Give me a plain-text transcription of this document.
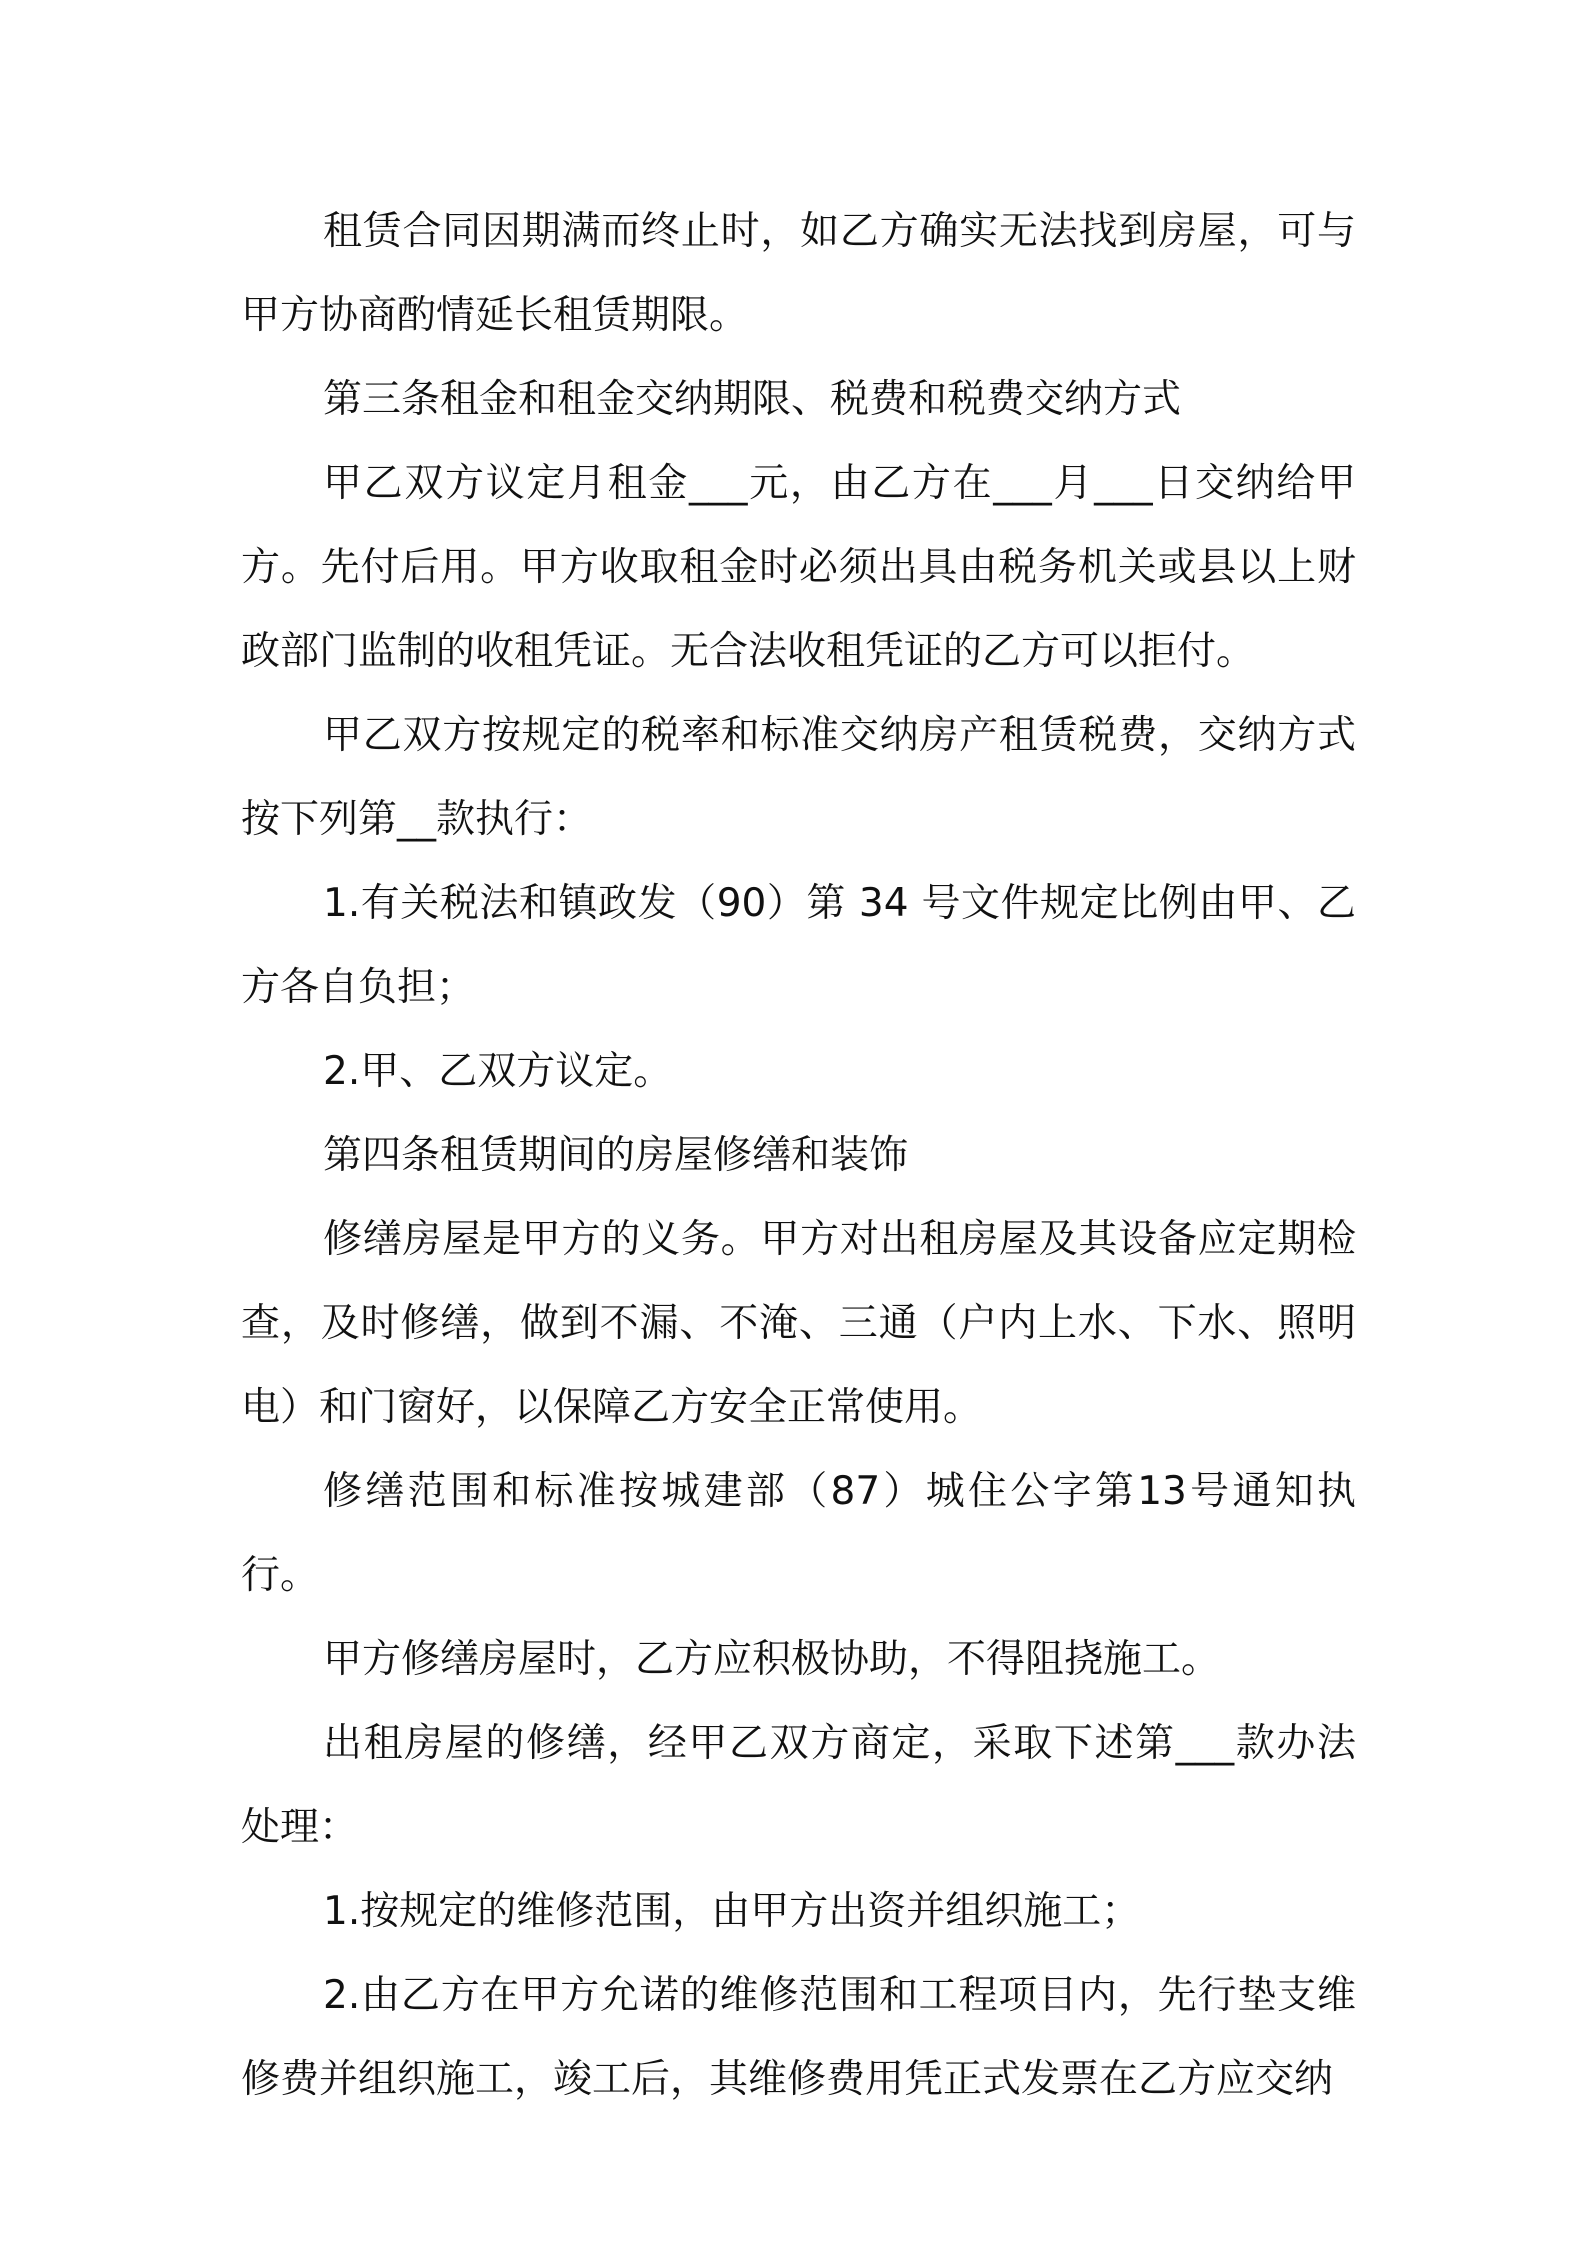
租赁合同因期满而终止时，如乙方确实无法找到房屋，可与甲方协商酌情延长租赁期限。

第三条租金和租金交纳期限、税费和税费交纳方式

甲乙双方议定月租金___元，由乙方在___月___日交纳给甲方。先付后用。甲方收取租金时必须出具由税务机关或县以上财政部门监制的收租凭证。无合法收租凭证的乙方可以拒付。

甲乙双方按规定的税率和标准交纳房产租赁税费，交纳方式按下列第__款执行：

1.有关税法和镇政发（90）第 34 号文件规定比例由甲、乙方各自负担；

2.甲、乙双方议定。

第四条租赁期间的房屋修缮和装饰

修缮房屋是甲方的义务。甲方对出租房屋及其设备应定期检查，及时修缮，做到不漏、不淹、三通（户内上水、下水、照明电）和门窗好，以保障乙方安全正常使用。

修缮范围和标准按城建部（87）城住公字第13号通知执行。

甲方修缮房屋时，乙方应积极协助，不得阻挠施工。

出租房屋的修缮，经甲乙双方商定，采取下述第___款办法处理：

1.按规定的维修范围，由甲方出资并组织施工；

2.由乙方在甲方允诺的维修范围和工程项目内，先行垫支维修费并组织施工，竣工后，其维修费用凭正式发票在乙方应交纳
